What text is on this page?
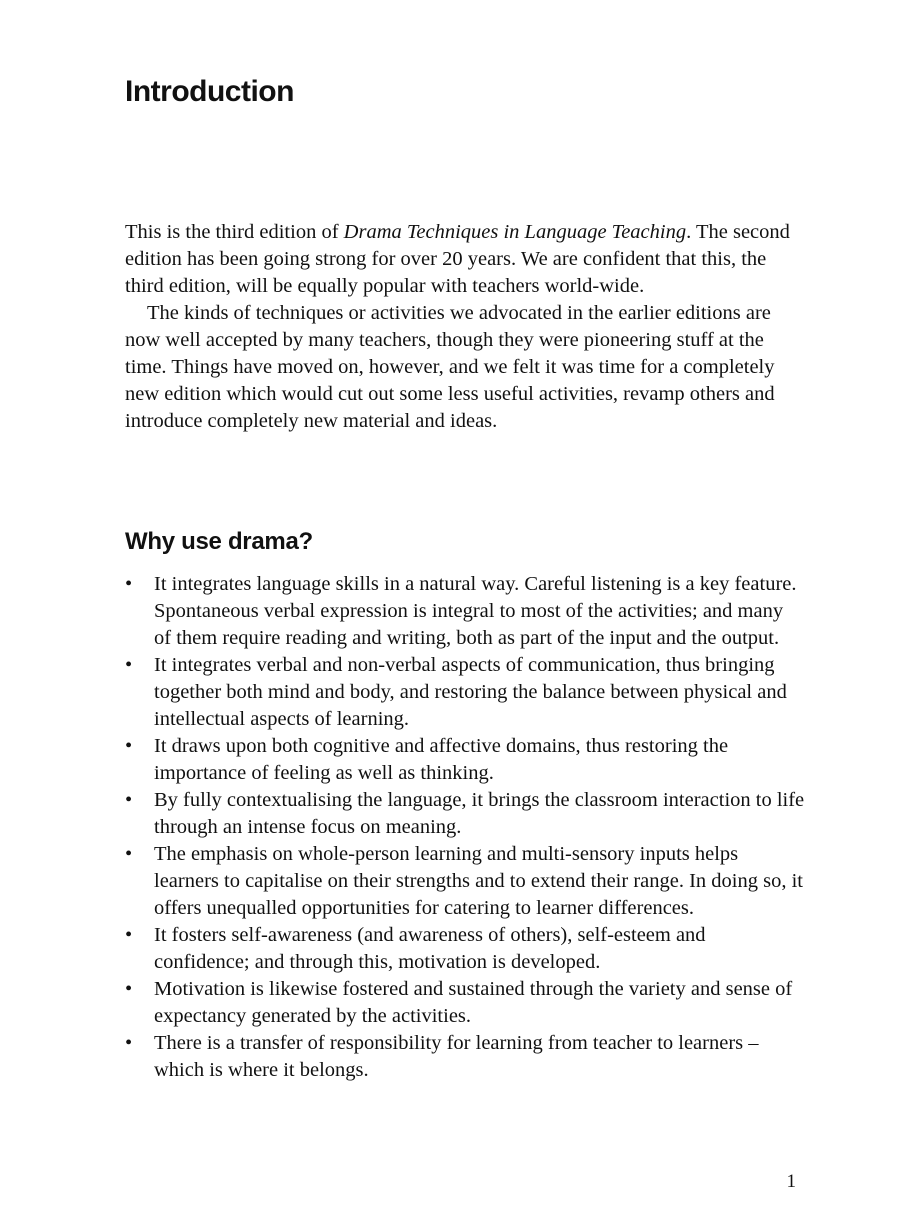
Introduction

This is the third edition of Drama Techniques in Language Teaching. The second edition has been going strong for over 20 years. We are confident that this, the third edition, will be equally popular with teachers world-wide.

The kinds of techniques or activities we advocated in the earlier editions are now well accepted by many teachers, though they were pioneering stuff at the time. Things have moved on, however, and we felt it was time for a completely new edition which would cut out some less useful activities, revamp others and introduce completely new material and ideas.

Why use drama?
• It integrates language skills in a natural way. Careful listening is a key feature. Spontaneous verbal expression is integral to most of the activities; and many of them require reading and writing, both as part of the input and the output.
• It integrates verbal and non-verbal aspects of communication, thus bringing together both mind and body, and restoring the balance between physical and intellectual aspects of learning.
• It draws upon both cognitive and affective domains, thus restoring the importance of feeling as well as thinking.
• By fully contextualising the language, it brings the classroom interaction to life through an intense focus on meaning.
• The emphasis on whole-person learning and multi-sensory inputs helps learners to capitalise on their strengths and to extend their range. In doing so, it offers unequalled opportunities for catering to learner differences.
• It fosters self-awareness (and awareness of others), self-esteem and confidence; and through this, motivation is developed.
• Motivation is likewise fostered and sustained through the variety and sense of expectancy generated by the activities.
• There is a transfer of responsibility for learning from teacher to learners – which is where it belongs.
1
